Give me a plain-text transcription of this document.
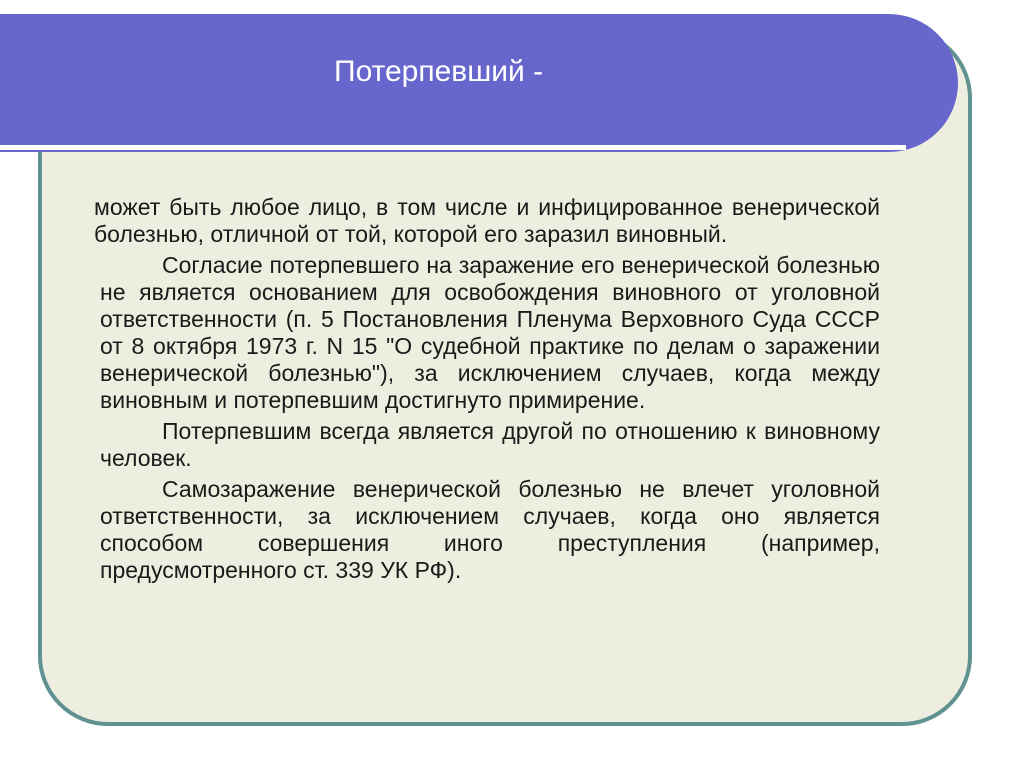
Потерпевший -

может быть любое лицо, в том числе и инфицированное венерической болезнью, отличной от той, которой его заразил виновный.

Согласие потерпевшего на заражение его венерической болезнью не является основанием для освобождения виновного от уголовной ответственности (п. 5 Постановления Пленума Верховного Суда СССР от 8 октября 1973 г. N 15 "О судебной практике по делам о заражении венерической болезнью"), за исключением случаев, когда между виновным и потерпевшим достигнуто примирение.

Потерпевшим всегда является другой по отношению к виновному человек.

Самозаражение венерической болезнью не влечет уголовной ответственности, за исключением случаев, когда оно является способом совершения иного преступления (например, предусмотренного ст. 339 УК РФ).
